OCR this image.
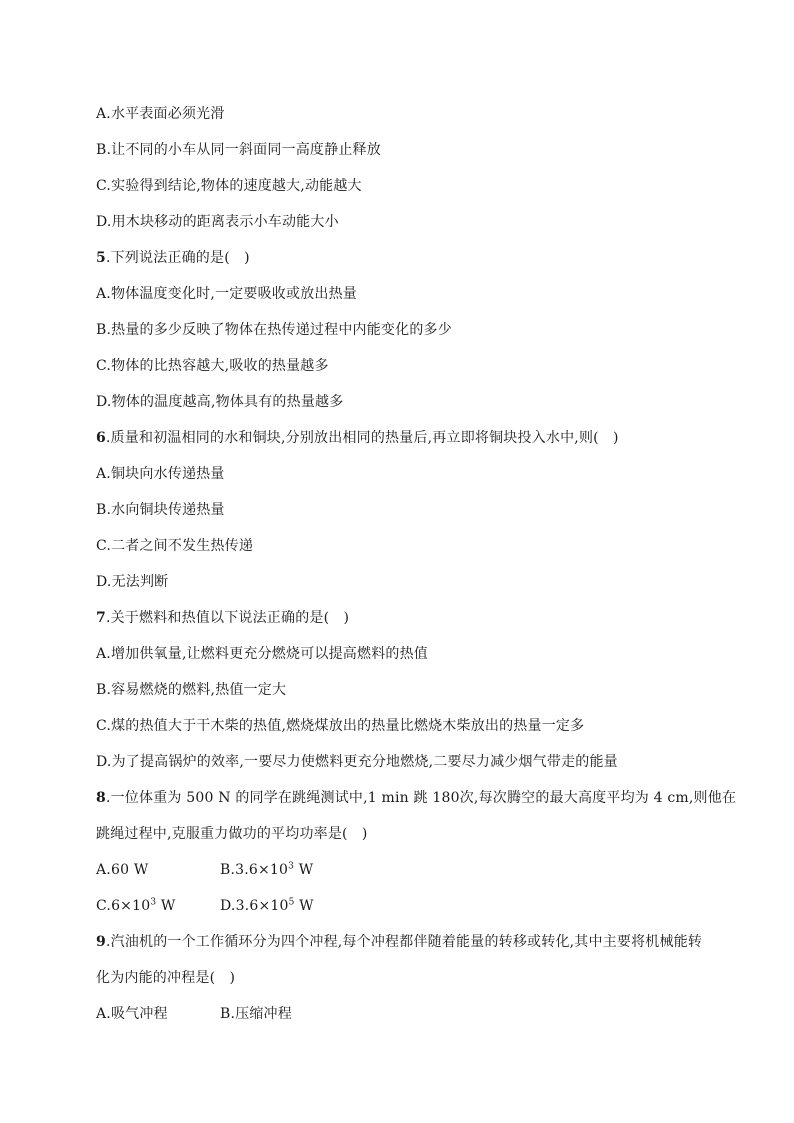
A.水平表面必须光滑
B.让不同的小车从同一斜面同一高度静止释放
C.实验得到结论,物体的速度越大,动能越大
D.用木块移动的距离表示小车动能大小
5.下列说法正确的是(　)
A.物体温度变化时,一定要吸收或放出热量
B.热量的多少反映了物体在热传递过程中内能变化的多少
C.物体的比热容越大,吸收的热量越多
D.物体的温度越高,物体具有的热量越多
6.质量和初温相同的水和铜块,分别放出相同的热量后,再立即将铜块投入水中,则(　)
A.铜块向水传递热量
B.水向铜块传递热量
C.二者之间不发生热传递
D.无法判断
7.关于燃料和热值以下说法正确的是(　)
A.增加供氧量,让燃料更充分燃烧可以提高燃料的热值
B.容易燃烧的燃料,热值一定大
C.煤的热值大于干木柴的热值,燃烧煤放出的热量比燃烧木柴放出的热量一定多
D.为了提高锅炉的效率,一要尽力使燃料更充分地燃烧,二要尽力减少烟气带走的能量
8.一位体重为 500 N 的同学在跳绳测试中,1 min 跳 180次,每次腾空的最大高度平均为 4 cm,则他在
跳绳过程中,克服重力做功的平均功率是(　)
A.60 W	$B.3.6\times 10^3$ W
$C.6\times 10^3$ W	$D.3.6\times 10^5$ W
9.汽油机的一个工作循环分为四个冲程,每个冲程都伴随着能量的转移或转化,其中主要将机械能转
化为内能的冲程是(　)
A.吸气冲程	B.压缩冲程
